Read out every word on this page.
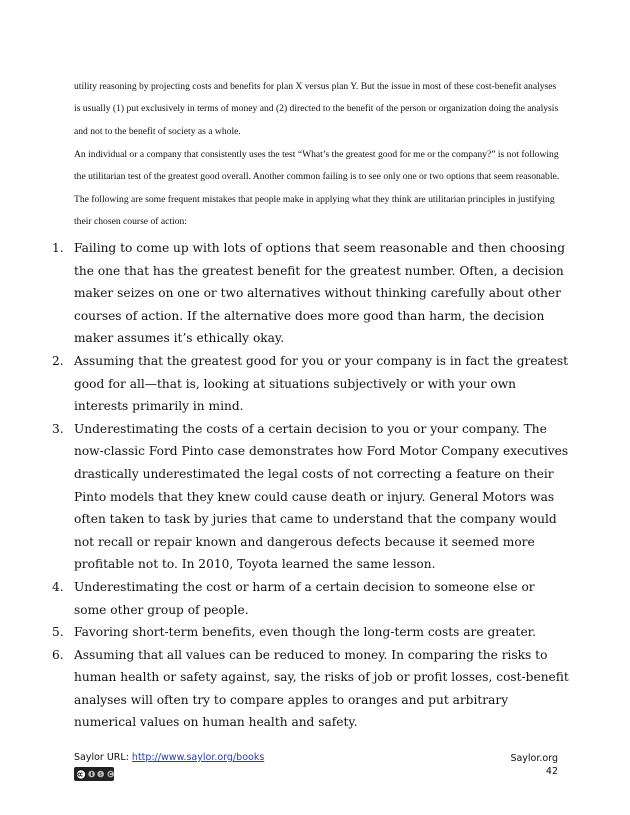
utility reasoning by projecting costs and benefits for plan X versus plan Y. But the issue in most of these cost-benefit analyses is usually (1) put exclusively in terms of money and (2) directed to the benefit of the person or organization doing the analysis and not to the benefit of society as a whole.

An individual or a company that consistently uses the test “What’s the greatest good for me or the company?” is not following the utilitarian test of the greatest good overall. Another common failing is to see only one or two options that seem reasonable. The following are some frequent mistakes that people make in applying what they think are utilitarian principles in justifying their chosen course of action:

1. Failing to come up with lots of options that seem reasonable and then choosing the one that has the greatest benefit for the greatest number. Often, a decision maker seizes on one or two alternatives without thinking carefully about other courses of action. If the alternative does more good than harm, the decision maker assumes it’s ethically okay.
2. Assuming that the greatest good for you or your company is in fact the greatest good for all—that is, looking at situations subjectively or with your own interests primarily in mind.
3. Underestimating the costs of a certain decision to you or your company. The now-classic Ford Pinto case demonstrates how Ford Motor Company executives drastically underestimated the legal costs of not correcting a feature on their Pinto models that they knew could cause death or injury. General Motors was often taken to task by juries that came to understand that the company would not recall or repair known and dangerous defects because it seemed more profitable not to. In 2010, Toyota learned the same lesson.
4. Underestimating the cost or harm of a certain decision to someone else or some other group of people.
5. Favoring short-term benefits, even though the long-term costs are greater.
6. Assuming that all values can be reduced to money. In comparing the risks to human health or safety against, say, the risks of job or profit losses, cost-benefit analyses will often try to compare apples to oranges and put arbitrary numerical values on human health and safety.
Saylor URL: http://www.saylor.org/books	Saylor.org
42
$
